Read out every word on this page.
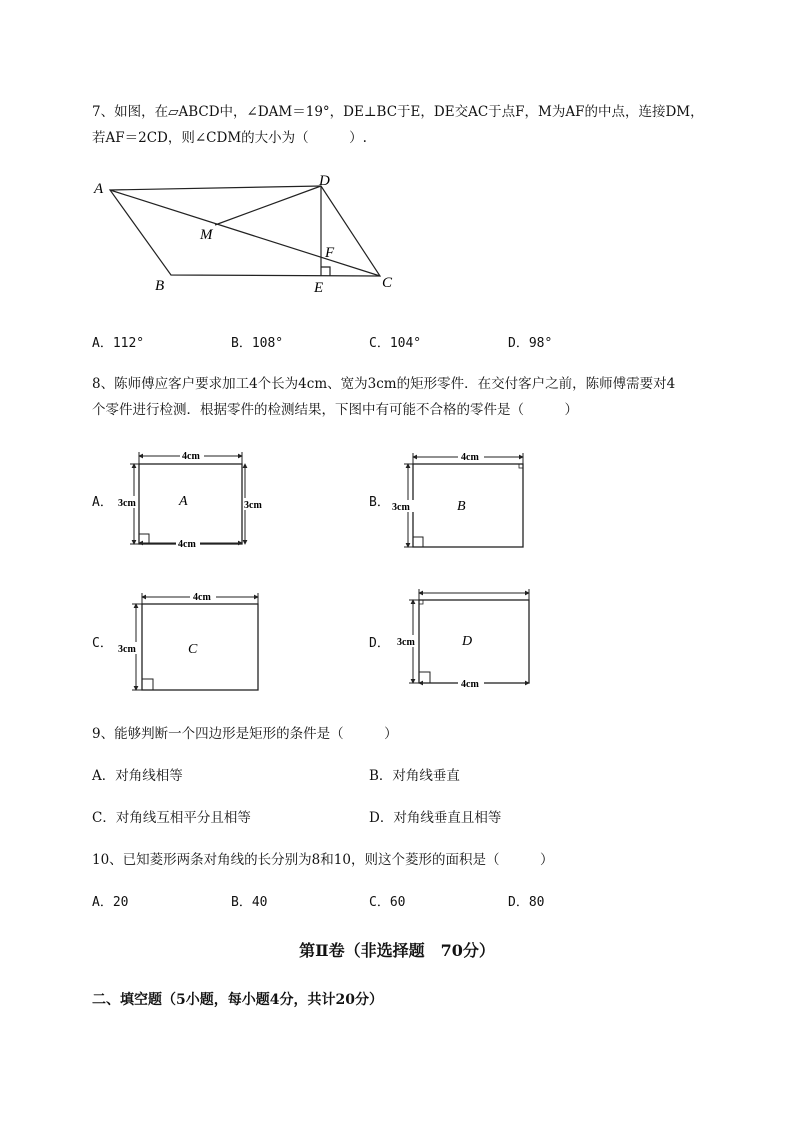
7、如图，在▱ABCD中，∠DAM＝19°，DE⊥BC于E，DE交AC于点F，M为AF的中点，连接DM，
若AF＝2CD，则∠CDM的大小为（　　　）.
A	D
M
F
B	E	C
A．112°	B．108°	C．104°	D．98°
8、陈师傅应客户要求加工4个长为4cm、宽为3cm的矩形零件．在交付客户之前，陈师傅需要对4
个零件进行检测．根据零件的检测结果，下图中有可能不合格的零件是（　　　）
A．
4cm
4cm
3cm	3cm
A	B．
4cm
3cm	B
C．
4cm
3cm	C	D．
4cm
3cm	D
9、能够判断一个四边形是矩形的条件是（　　　）
A．对角线相等	B．对角线垂直
C．对角线互相平分且相等	D．对角线垂直且相等
10、已知菱形两条对角线的长分别为8和10，则这个菱形的面积是（　　　）
A．20	B．40	C．60	D．80
第Ⅱ卷（非选择题　70分）
二、填空题（5小题，每小题4分，共计20分）
